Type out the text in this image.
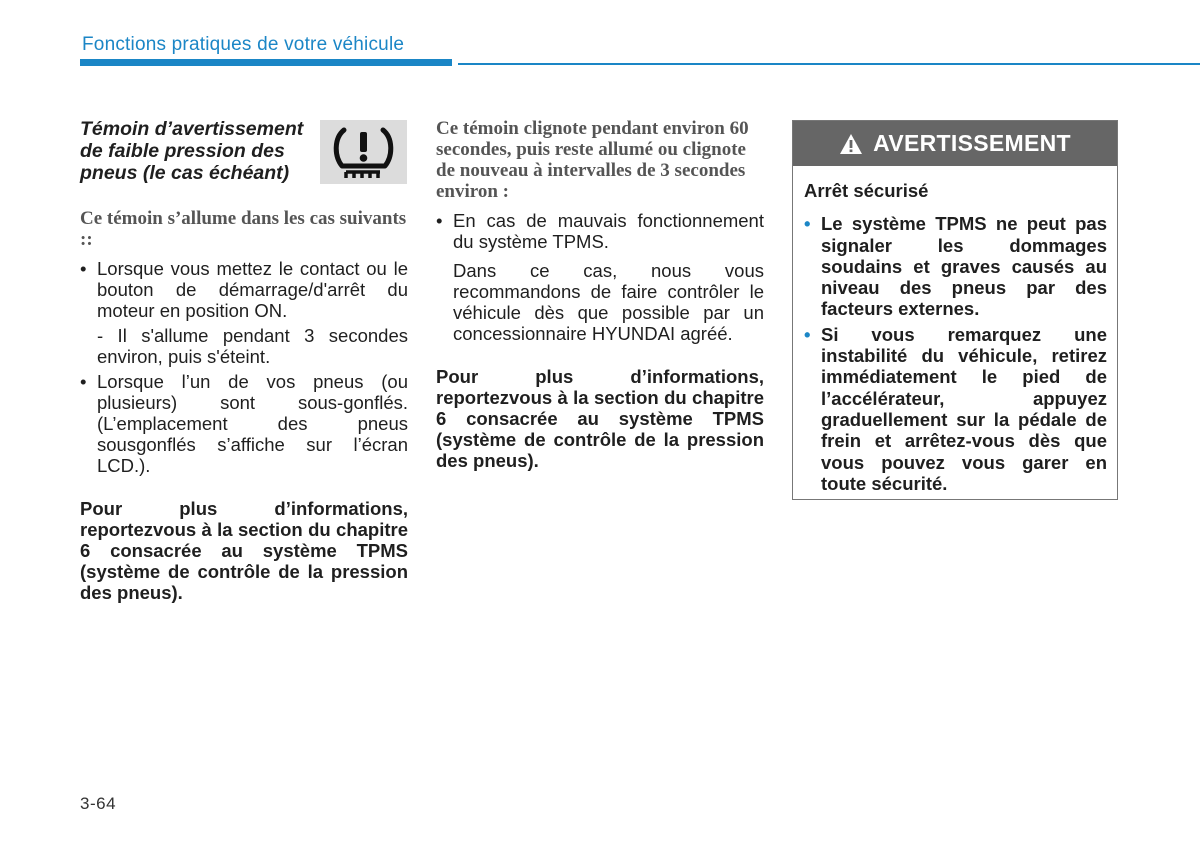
Fonctions pratiques de votre véhicule
Témoin d’avertissement de faible pression des pneus (le cas échéant)
Ce témoin s’allume dans les cas suivants ::
• Lorsque vous mettez le contact ou le bouton de démarrage/d'arrêt du moteur en position ON.
- Il s'allume pendant 3 secondes environ, puis s'éteint.
• Lorsque l’un de vos pneus (ou plusieurs) sont sous-gonflés. (L’emplacement des pneus sousgonflés s’affiche sur l’écran LCD.).
Pour plus d’informations, reportezvous à la section du chapitre 6 consacrée au système TPMS (système de contrôle de la pression des pneus).
Ce témoin clignote pendant environ 60 secondes, puis reste allumé ou clignote de nouveau à intervalles de 3 secondes environ :
• En cas de mauvais fonctionnement du système TPMS.
Dans ce cas, nous vous recommandons de faire contrôler le véhicule dès que possible par un concessionnaire HYUNDAI agréé.
Pour plus d’informations, reportezvous à la section du chapitre 6 consacrée au système TPMS (système de contrôle de la pression des pneus).
AVERTISSEMENT
Arrêt sécurisé
• Le système TPMS ne peut pas signaler les dommages soudains et graves causés au niveau des pneus par des facteurs externes.
• Si vous remarquez une instabilité du véhicule, retirez immédiatement le pied de l’accélérateur, appuyez graduellement sur la pédale de frein et arrêtez-vous dès que vous pouvez vous garer en toute sécurité.
3-64
